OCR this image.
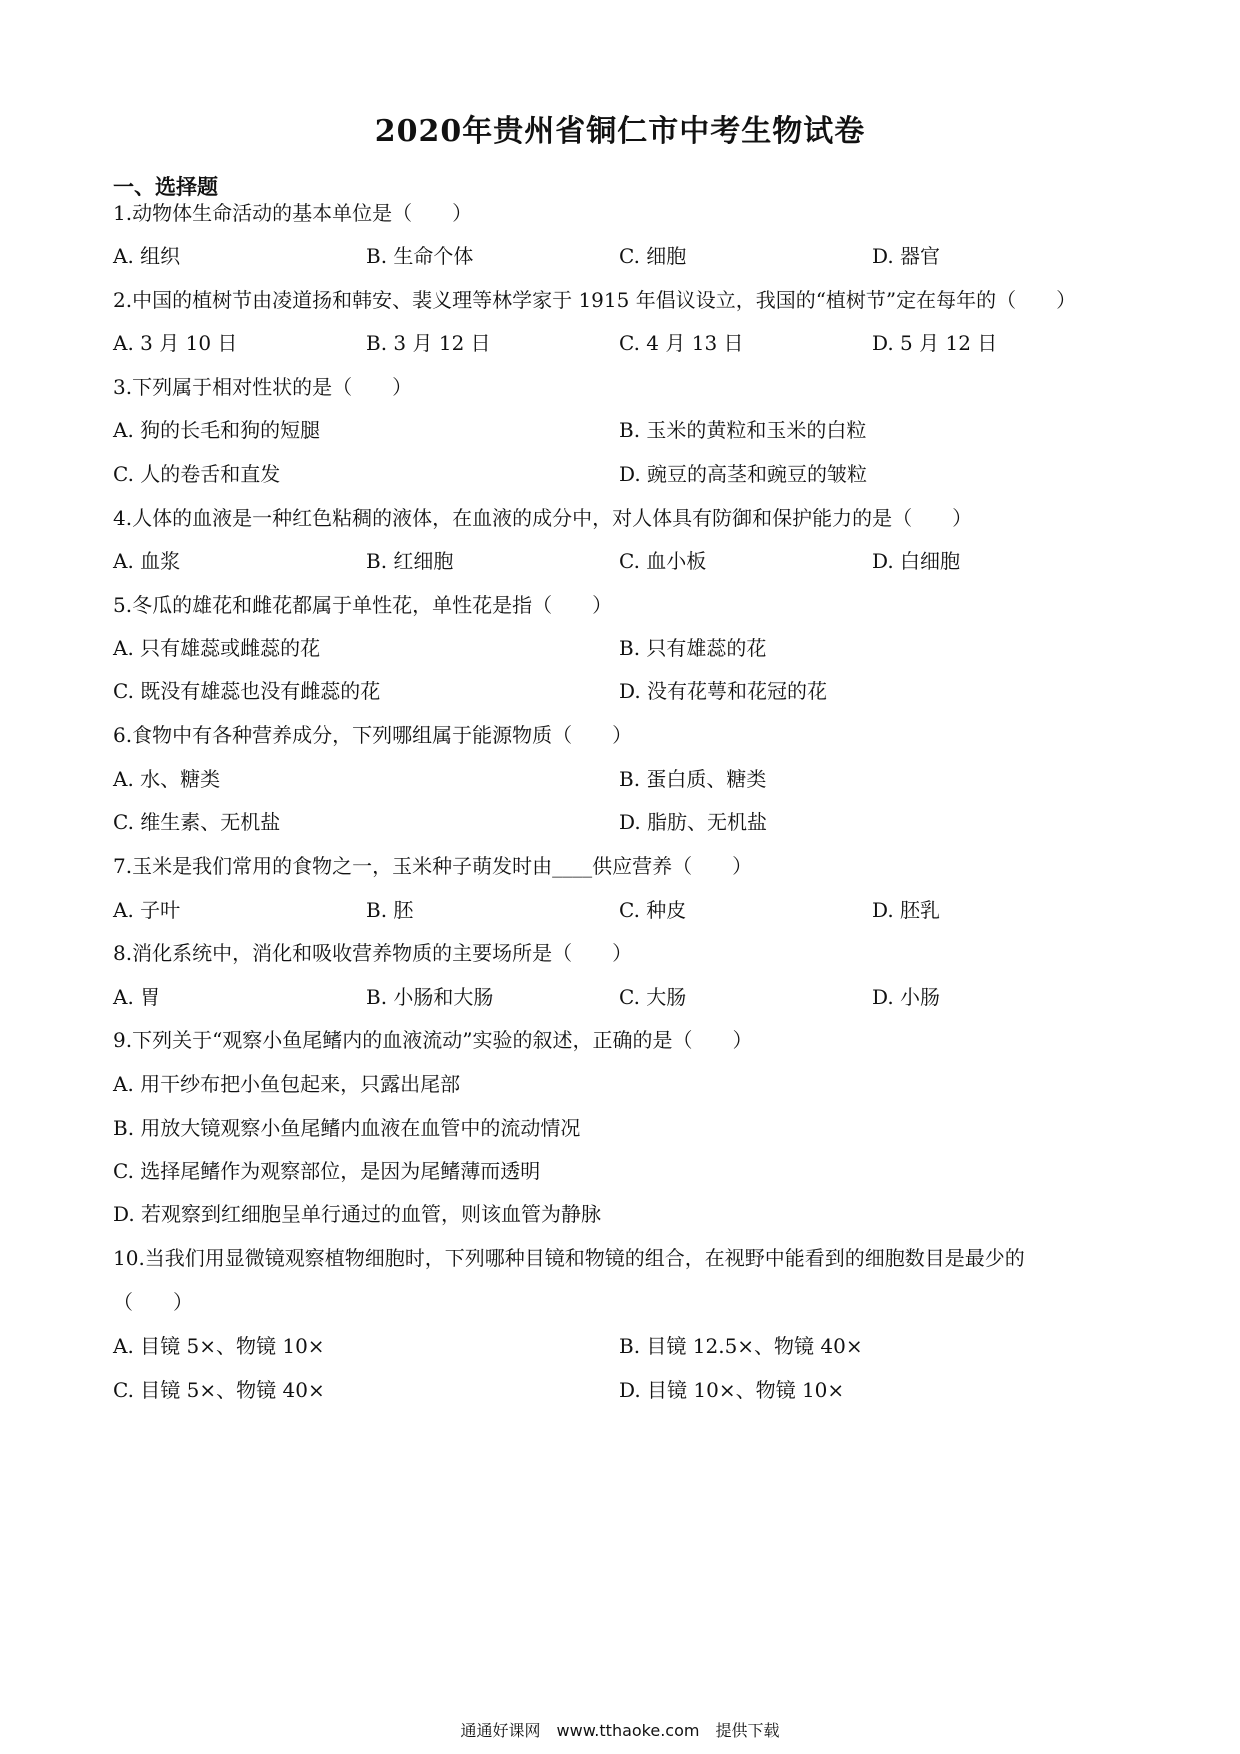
2020年贵州省铜仁市中考生物试卷
一、选择题
1.动物体生命活动的基本单位是（　　）
A. 组织	B. 生命个体	C. 细胞	D. 器官
2.中国的植树节由凌道扬和韩安、裴义理等林学家于 1915 年倡议设立，我国的“植树节”定在每年的（　　）
A. 3 月 10 日	B. 3 月 12 日	C. 4 月 13 日	D. 5 月 12 日
3.下列属于相对性状的是（　　）
A. 狗的长毛和狗的短腿	B. 玉米的黄粒和玉米的白粒
C. 人的卷舌和直发	D. 豌豆的高茎和豌豆的皱粒
4.人体的血液是一种红色粘稠的液体，在血液的成分中，对人体具有防御和保护能力的是（　　）
A. 血浆	B. 红细胞	C. 血小板	D. 白细胞
5.冬瓜的雄花和雌花都属于单性花，单性花是指（　　）
A. 只有雄蕊或雌蕊的花	B. 只有雄蕊的花
C. 既没有雄蕊也没有雌蕊的花	D. 没有花萼和花冠的花
6.食物中有各种营养成分，下列哪组属于能源物质（　　）
A. 水、糖类	B. 蛋白质、糖类
C. 维生素、无机盐	D. 脂肪、无机盐
7.玉米是我们常用的食物之一，玉米种子萌发时由____供应营养（　　）
A. 子叶	B. 胚	C. 种皮	D. 胚乳
8.消化系统中，消化和吸收营养物质的主要场所是（　　）
A. 胃	B. 小肠和大肠	C. 大肠	D. 小肠
9.下列关于“观察小鱼尾鳍内的血液流动”实验的叙述，正确的是（　　）
A. 用干纱布把小鱼包起来，只露出尾部
B. 用放大镜观察小鱼尾鳍内血液在血管中的流动情况
C. 选择尾鳍作为观察部位，是因为尾鳍薄而透明
D. 若观察到红细胞呈单行通过的血管，则该血管为静脉
10.当我们用显微镜观察植物细胞时，下列哪种目镜和物镜的组合，在视野中能看到的细胞数目是最少的
（　　）
A. 目镜 5×、物镜 10×	B. 目镜 12.5×、物镜 40×
C. 目镜 5×、物镜 40×	D. 目镜 10×、物镜 10×
通通好课网　www.tthaoke.com　提供下载
